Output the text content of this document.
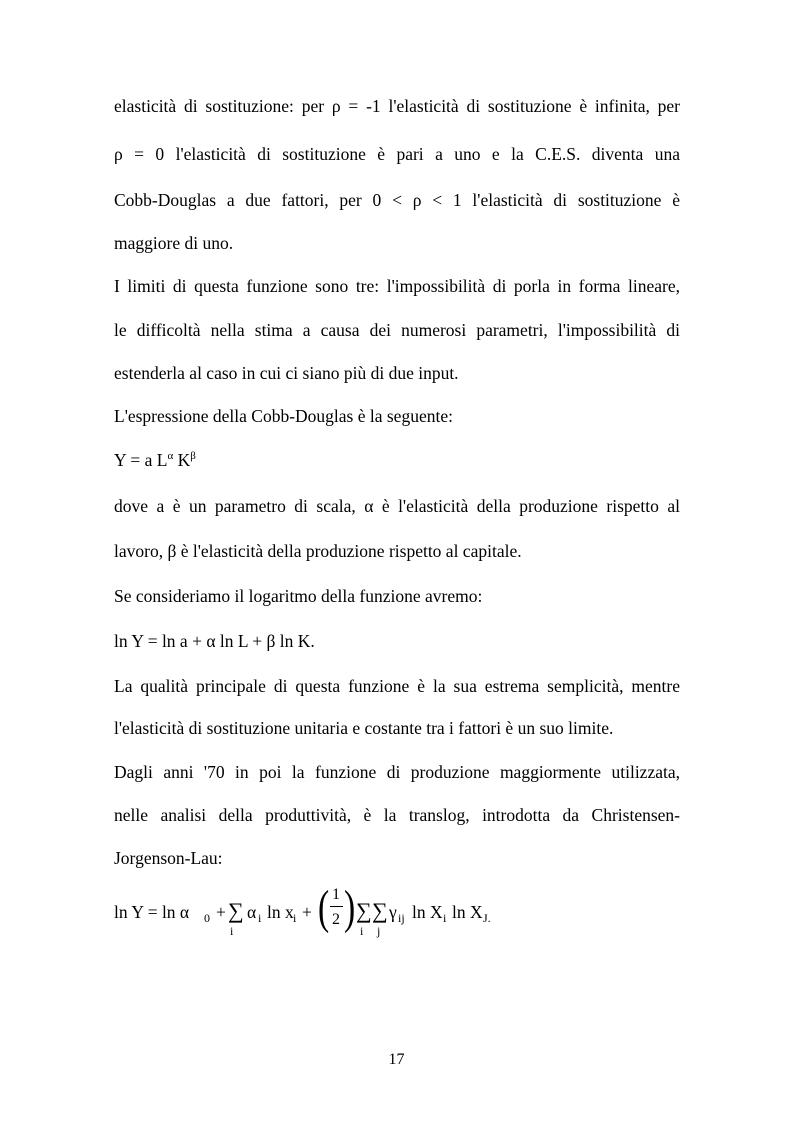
elasticità di sostituzione: per ρ = -1 l'elasticità di sostituzione è infinita, per
ρ = 0 l'elasticità di sostituzione è pari a uno e la C.E.S. diventa una
Cobb-Douglas a due fattori, per 0 < ρ < 1 l'elasticità di sostituzione è
maggiore di uno.
I limiti di questa funzione sono tre: l'impossibilità di porla in forma lineare,
le difficoltà nella stima a causa dei numerosi parametri, l'impossibilità di
estenderla al caso in cui ci siano più di due input.
L'espressione della Cobb-Douglas è la seguente:
Y = a $L^\alpha$ $K^\beta$
dove a è un parametro di scala, α è l'elasticità della produzione rispetto al
lavoro, β è l'elasticità della produzione rispetto al capitale.
Se consideriamo il logaritmo della funzione avremo:
ln Y = ln a + α ln L + β ln K.
La qualità principale di questa funzione è la sua estrema semplicità, mentre
l'elasticità di sostituzione unitaria e costante tra i fattori è un suo limite.
Dagli anni '70 in poi la funzione di produzione maggiormente utilizzata,
nelle analisi della produttività, è la translog, introdotta da Christensen-
Jorgenson-Lau:
ln Y = ln α 0 + ∑
i
α i ln x i + ( 1
2 ) ∑
i
∑
j
γ ij ln X i ln X J.
17
